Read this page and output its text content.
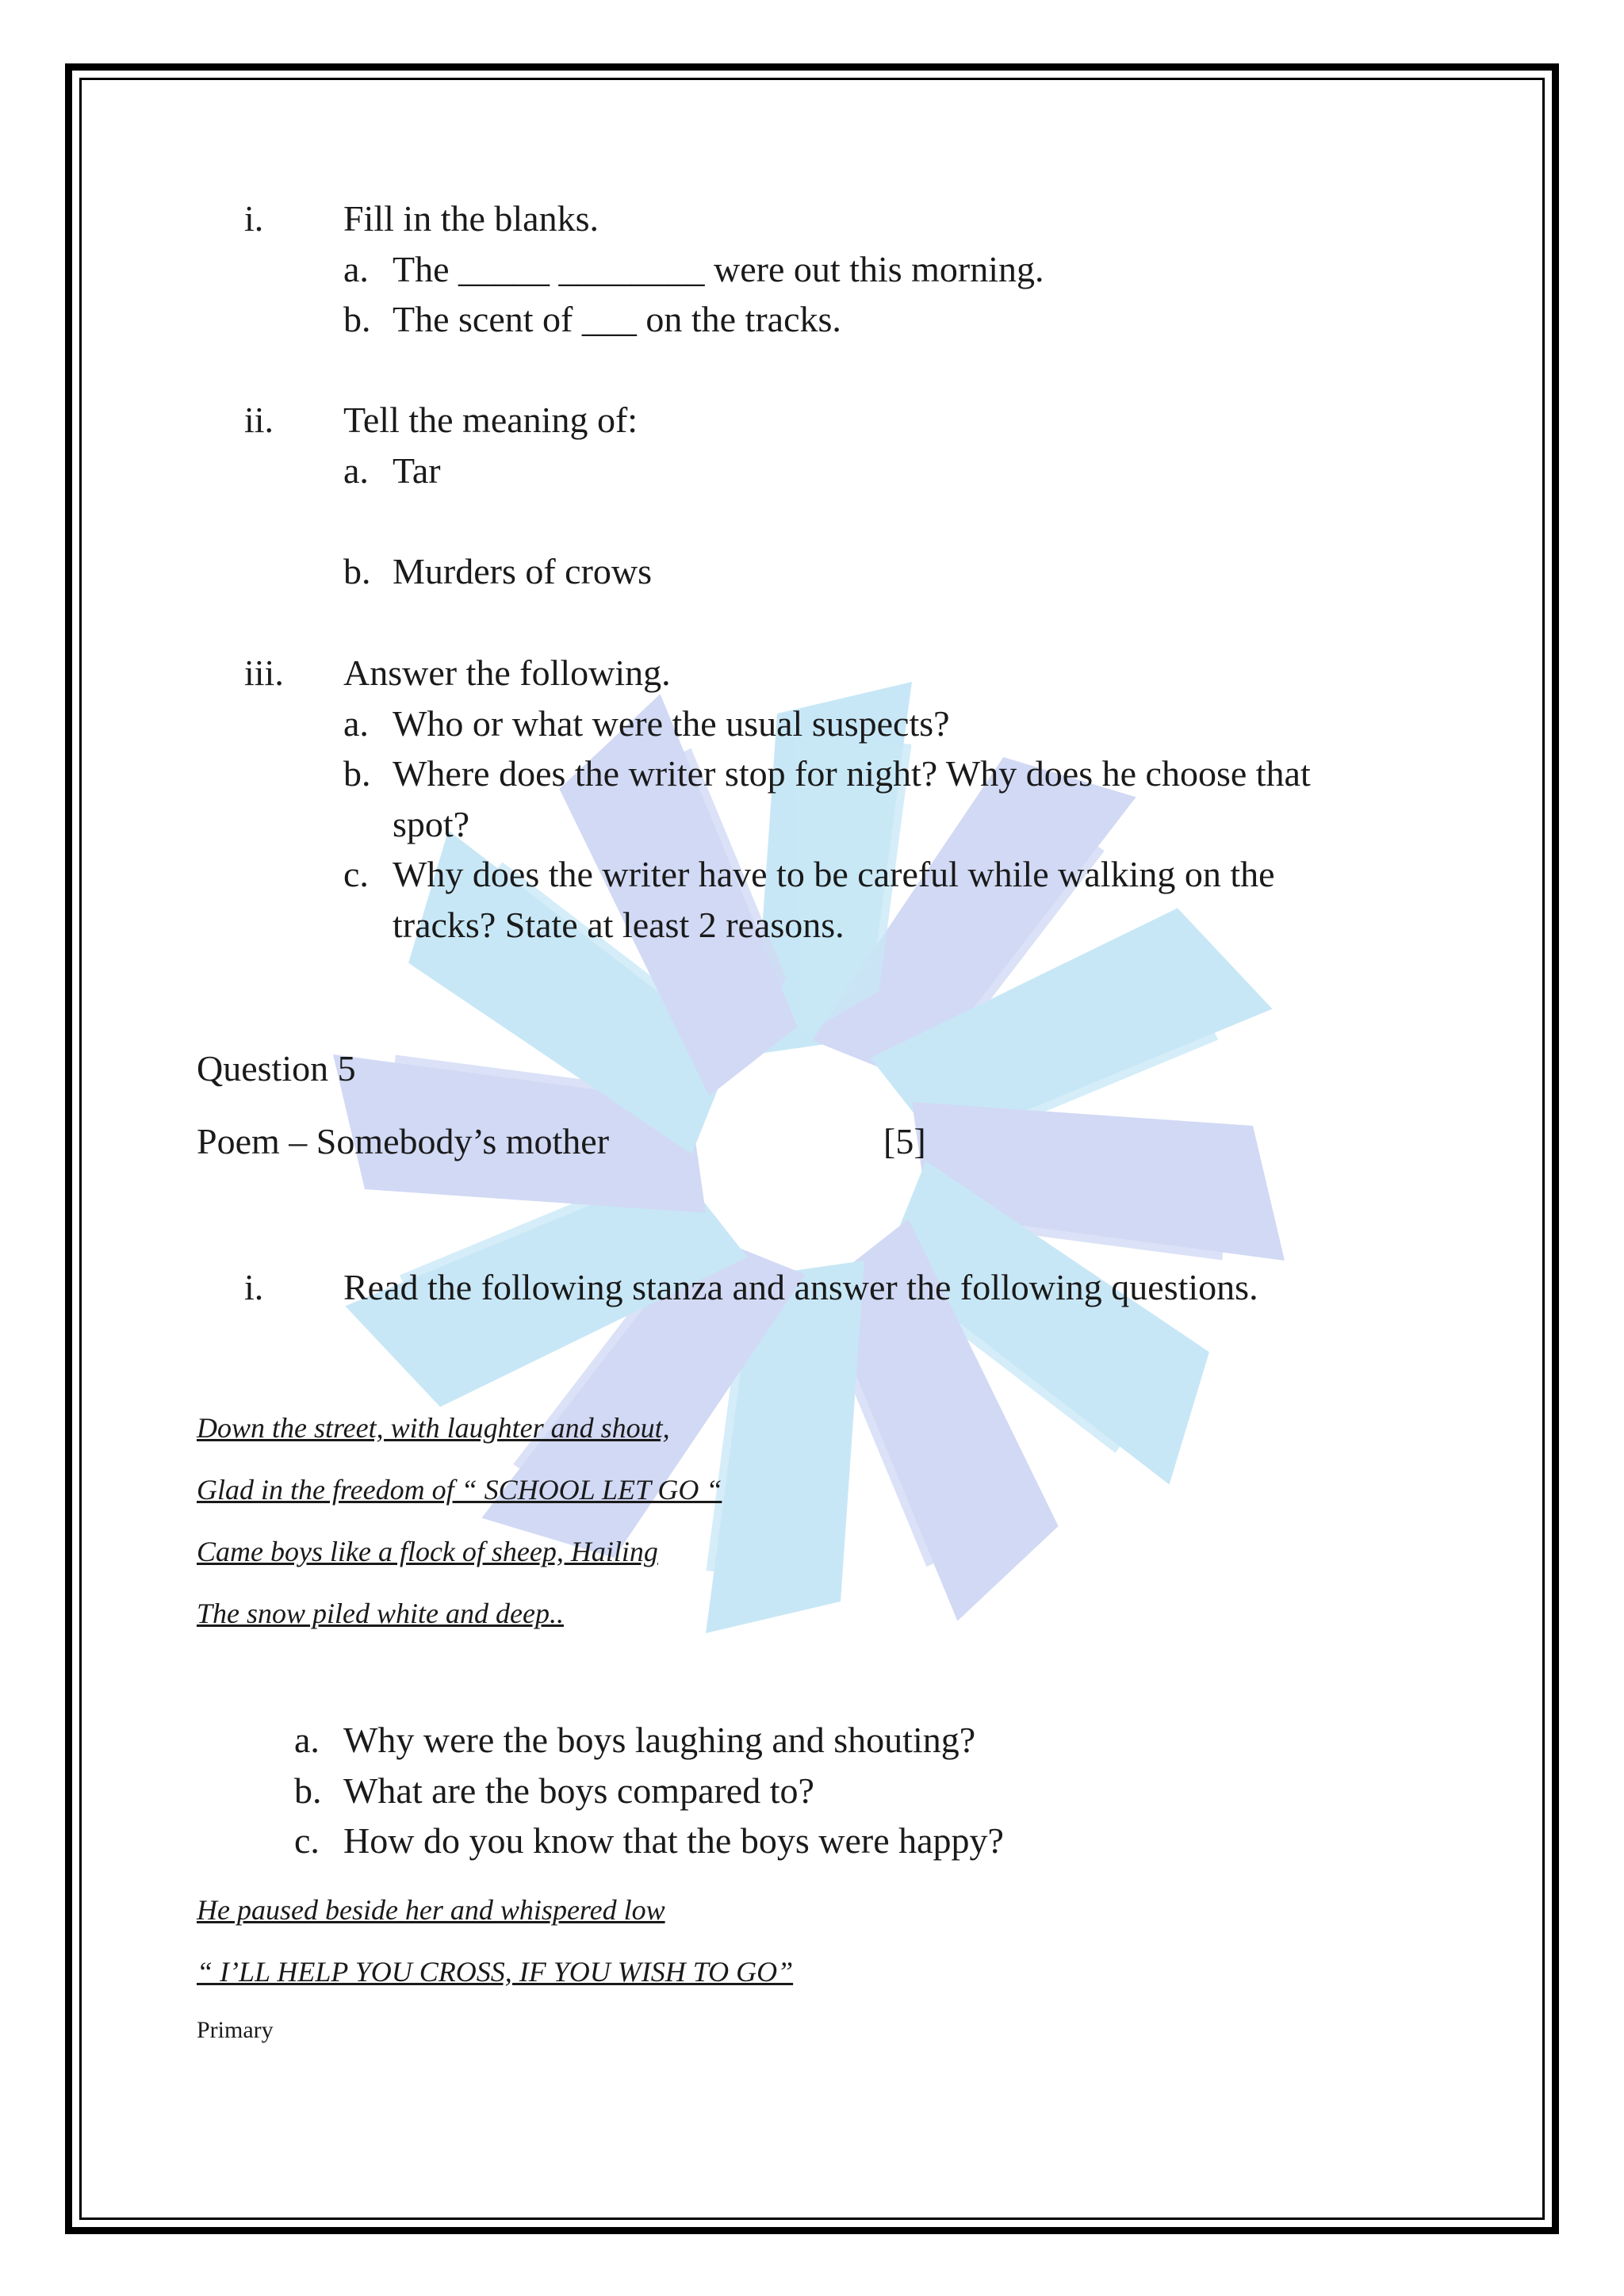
i. Fill in the blanks.
a. The _____ ________ were out this morning.
b. The scent of ___ on the tracks.
ii. Tell the meaning of:
a. Tar
b. Murders of crows
iii. Answer the following.
a. Who or what were the usual suspects?
b. Where does the writer stop for night? Why does he choose that
spot?
c. Why does the writer have to be careful while walking on the
tracks? State at least 2 reasons.
Question 5
Poem – Somebody’s mother	[5]
i. Read the following stanza and answer the following questions.
Down the street, with laughter and shout,
Glad in the freedom of “ SCHOOL LET GO “
Came boys like a flock of sheep, Hailing
The snow piled white and deep..
a. Why were the boys laughing and shouting?
b. What are the boys compared to?
c. How do you know that the boys were happy?
He paused beside her and whispered low
“ I’LL HELP YOU CROSS, IF YOU WISH TO GO”
Primary
